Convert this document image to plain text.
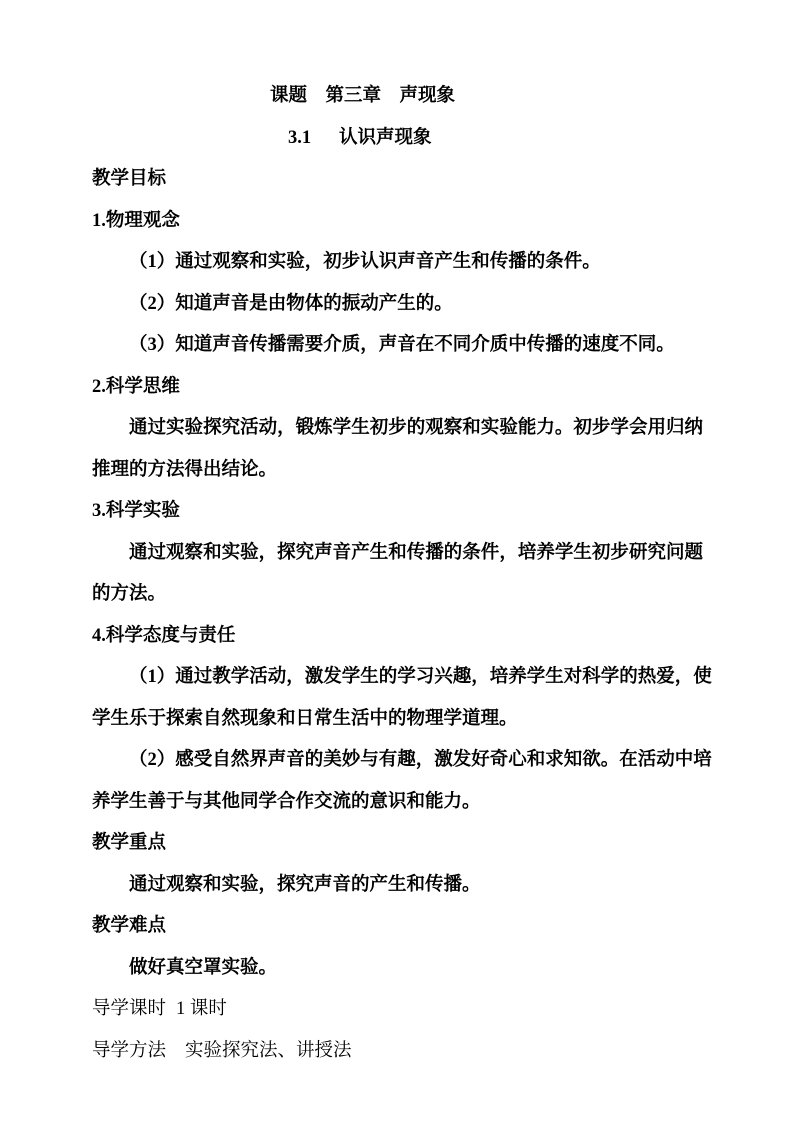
课题　第三章　声现象
3.1 认识声现象
教学目标
1.物理观念
（1）通过观察和实验，初步认识声音产生和传播的条件。
（2）知道声音是由物体的振动产生的。
（3）知道声音传播需要介质，声音在不同介质中传播的速度不同。
2.科学思维
通过实验探究活动，锻炼学生初步的观察和实验能力。初步学会用归纳
推理的方法得出结论。
3.科学实验
通过观察和实验，探究声音产生和传播的条件，培养学生初步研究问题
的方法。
4.科学态度与责任
（1）通过教学活动，激发学生的学习兴趣，培养学生对科学的热爱，使
学生乐于探索自然现象和日常生活中的物理学道理。
（2）感受自然界声音的美妙与有趣，激发好奇心和求知欲。在活动中培
养学生善于与其他同学合作交流的意识和能力。
教学重点
通过观察和实验，探究声音的产生和传播。
教学难点
做好真空罩实验。
导学课时 1 课时
导学方法 实验探究法、讲授法
